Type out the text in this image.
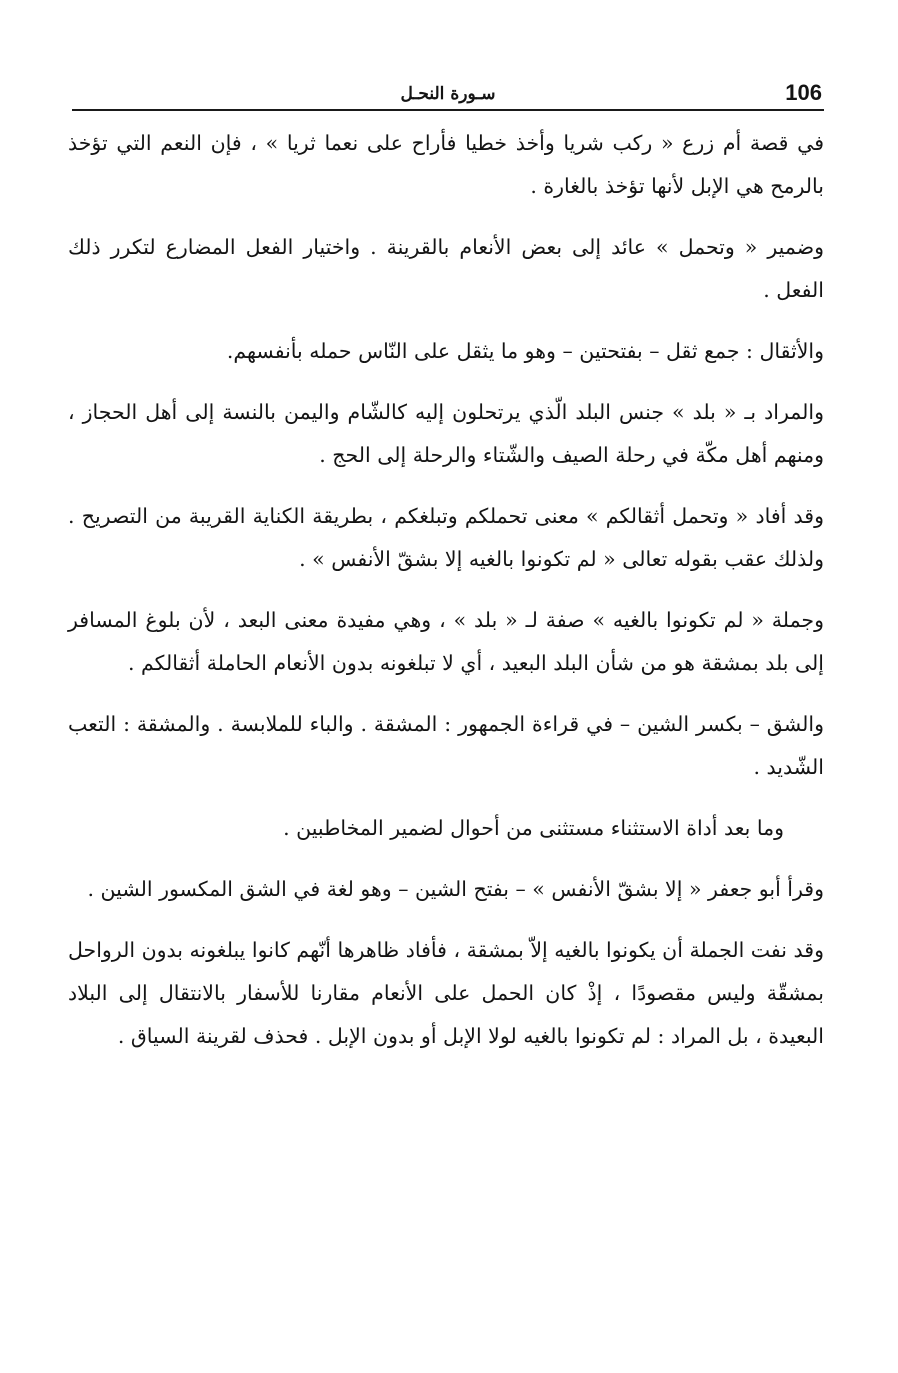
106
سـورة النحـل

في قصة أم زرع « ركب شريا وأخذ خطيا فأراح على نعما ثريا » ، فإن النعم التي تؤخذ بالرمح هي الإبل لأنها تؤخذ بالغارة .

وضمير « وتحمل » عائد إلى بعض الأنعام بالقرينة . واختيار الفعل المضارع لتكرر ذلك الفعل .

والأثقال : جمع ثقل – بفتحتين – وهو ما يثقل على النّاس حمله بأنفسهم.

والمراد بـ « بلد » جنس البلد الّذي يرتحلون إليه كالشّام واليمن بالنسة إلى أهل الحجاز ، ومنهم أهل مكّة في رحلة الصيف والشّتاء والرحلة إلى الحج .

وقد أفاد « وتحمل أثقالكم » معنى تحملكم وتبلغكم ، بطريقة الكناية القريبة من التصريح . ولذلك عقب بقوله تعالى « لم تكونوا بالغيه إلا بشقّ الأنفس » .

وجملة « لم تكونوا بالغيه » صفة لـ « بلد » ، وهي مفيدة معنى البعد ، لأن بلوغ المسافر إلى بلد بمشقة هو من شأن البلد البعيد ، أي لا تبلغونه بدون الأنعام الحاملة أثقالكم .

والشق – بكسر الشين – في قراءة الجمهور : المشقة . والباء للملابسة . والمشقة : التعب الشّديد .

وما بعد أداة الاستثناء مستثنى من أحوال لضمير المخاطبين .

وقرأ أبو جعفر « إلا بشقّ الأنفس » – بفتح الشين – وهو لغة في الشق المكسور الشين .

وقد نفت الجملة أن يكونوا بالغيه إلاّ بمشقة ، فأفاد ظاهرها أنّهم كانوا يبلغونه بدون الرواحل بمشقّة وليس مقصودًا ، إذْ كان الحمل على الأنعام مقارنا للأسفار بالانتقال إلى البلاد البعيدة ، بل المراد : لم تكونوا بالغيه لولا الإبل أو بدون الإبل . فحذف لقرينة السياق .
